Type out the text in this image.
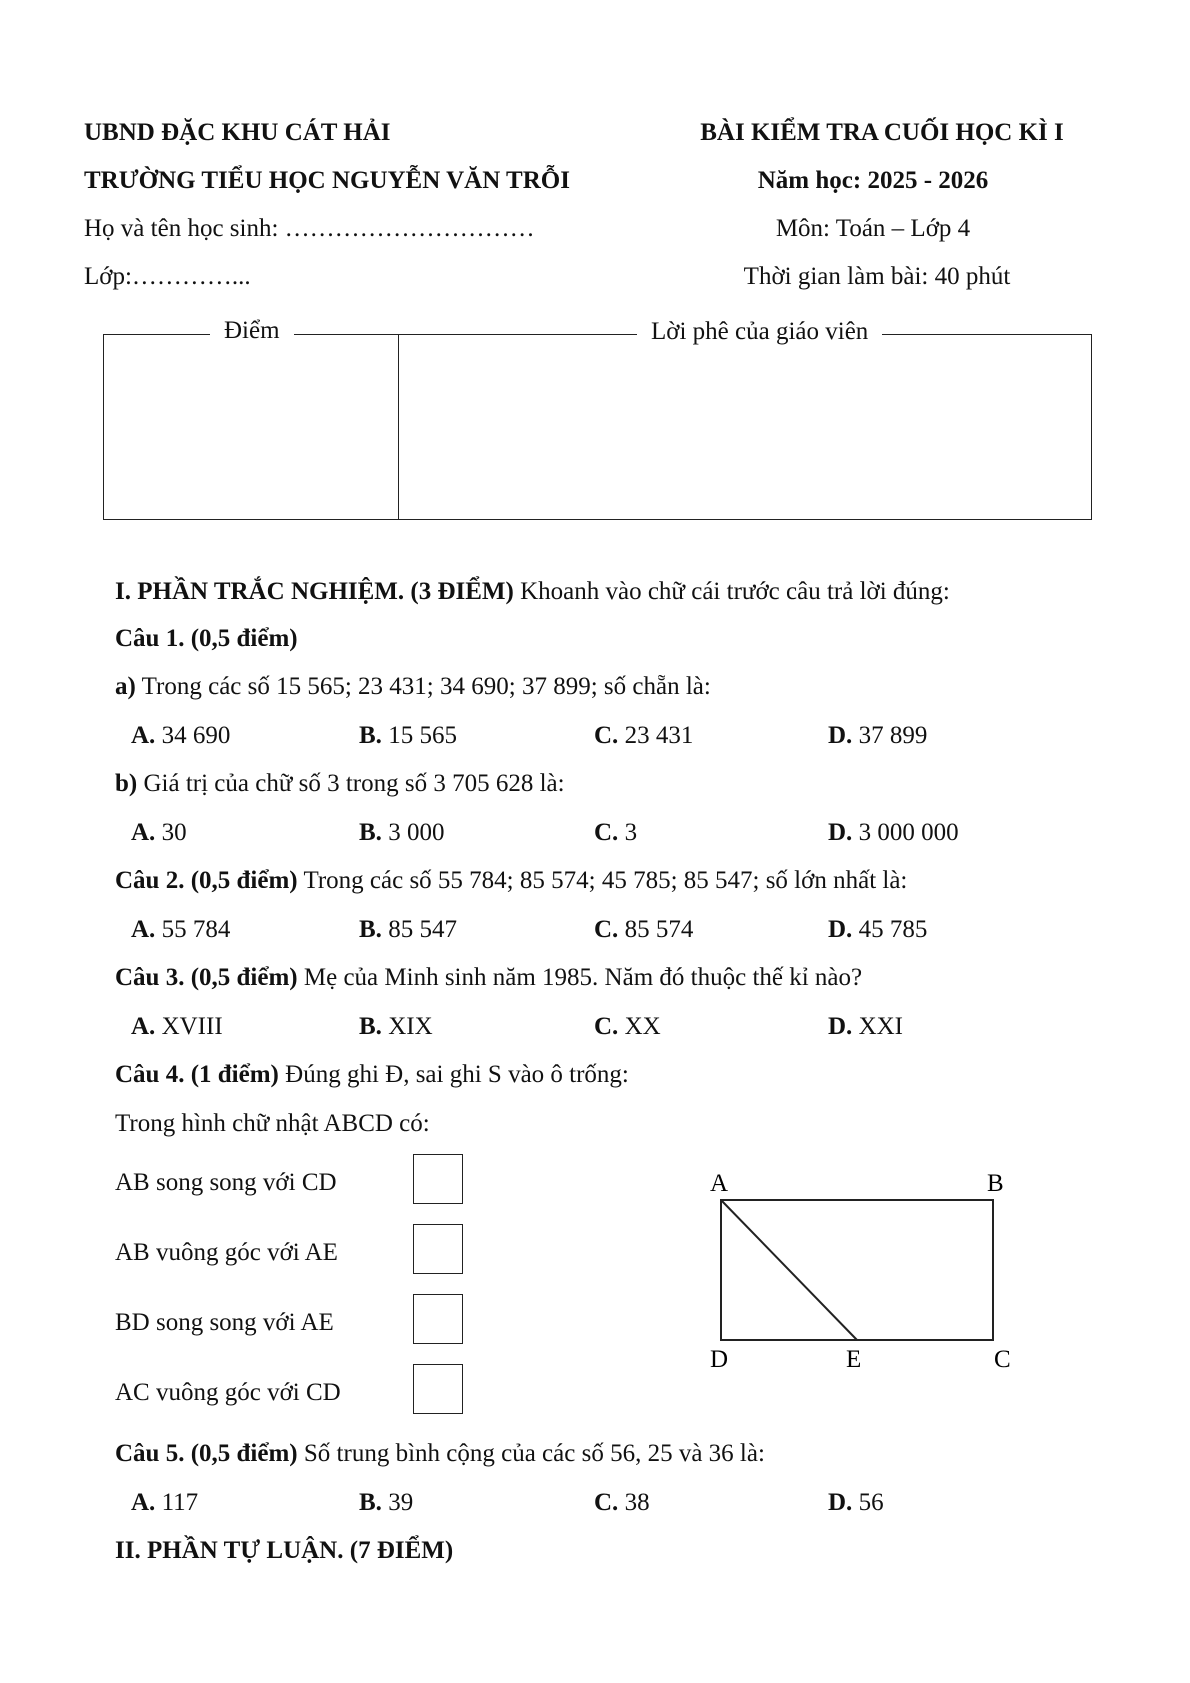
UBND ĐẶC KHU CÁT HẢI
TRƯỜNG TIỂU HỌC NGUYỄN VĂN TRỖI
Họ và tên học sinh: …………………………
Lớp:…………...
BÀI KIỂM TRA CUỐI HỌC KÌ I
Năm học: 2025 - 2026
Môn: Toán – Lớp 4
Thời gian làm bài: 40 phút
Điểm	Lời phê của giáo viên
I. PHẦN TRẮC NGHIỆM. (3 ĐIỂM) Khoanh vào chữ cái trước câu trả lời đúng:
Câu 1. (0,5 điểm)
a) Trong các số 15 565; 23 431; 34 690; 37 899; số chẵn là:
A. 34 690	B. 15 565	C. 23 431	D. 37 899
b) Giá trị của chữ số 3 trong số 3 705 628 là:
A. 30	B. 3 000	C. 3	D. 3 000 000
Câu 2. (0,5 điểm) Trong các số 55 784; 85 574; 45 785; 85 547; số lớn nhất là:
A. 55 784	B. 85 547	C. 85 574	D. 45 785
Câu 3. (0,5 điểm) Mẹ của Minh sinh năm 1985. Năm đó thuộc thế kỉ nào?
A. XVIII	B. XIX	C. XX	D. XXI
Câu 4. (1 điểm) Đúng ghi Đ, sai ghi S vào ô trống:
Trong hình chữ nhật ABCD có:
AB song song với CD
AB vuông góc với AE
BD song song với AE
AC vuông góc với CD
A	B
D	E	C
Câu 5. (0,5 điểm) Số trung bình cộng của các số 56, 25 và 36 là:
A. 117	B. 39	C. 38	D. 56
II. PHẦN TỰ LUẬN. (7 ĐIỂM)
